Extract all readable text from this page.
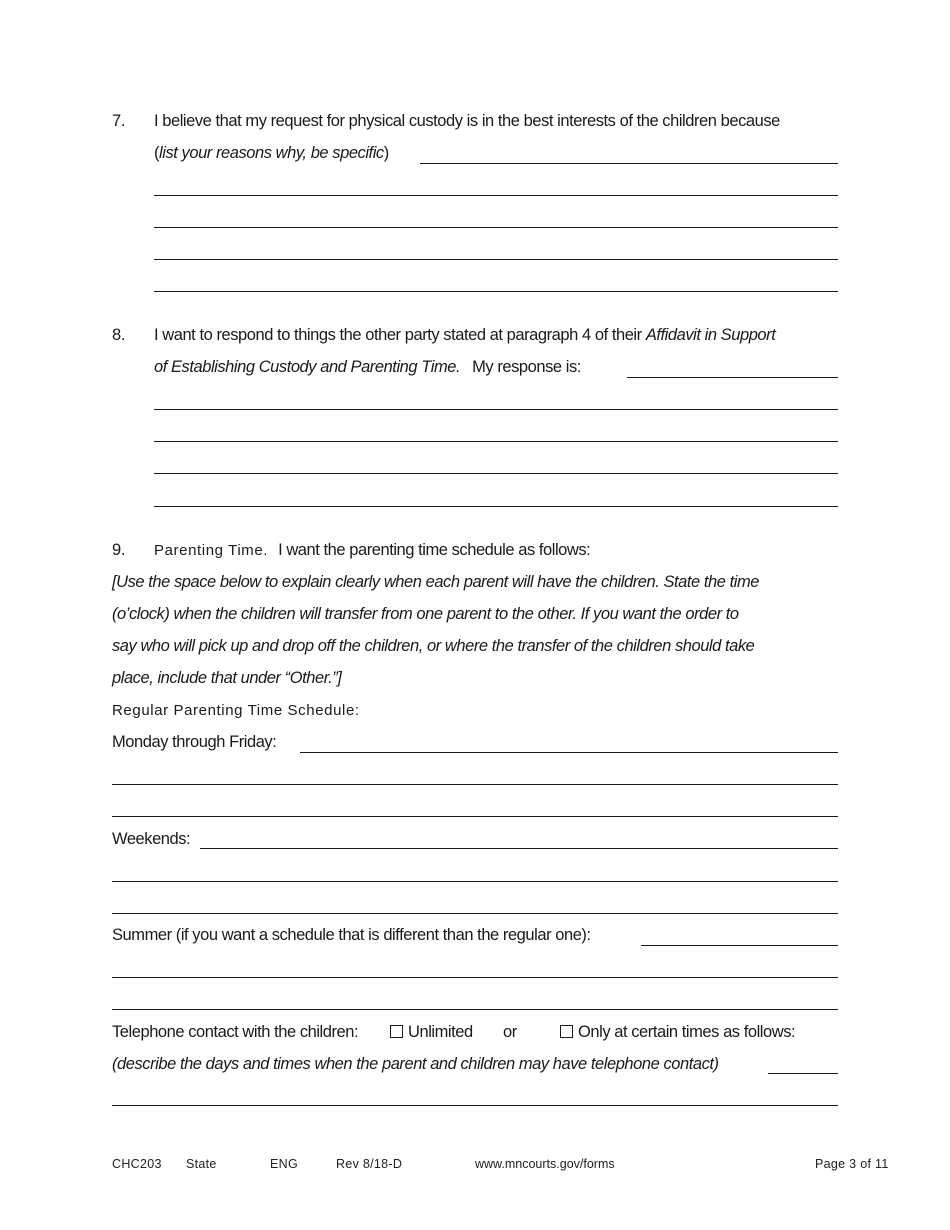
7. I believe that my request for physical custody is in the best interests of the children because
(list your reasons why, be specific)
8. I want to respond to things the other party stated at paragraph 4 of their Affidavit in Support
of Establishing Custody and Parenting Time. My response is:
9. Parenting Time. I want the parenting time schedule as follows:
[Use the space below to explain clearly when each parent will have the children. State the time
(o’clock) when the children will transfer from one parent to the other. If you want the order to
say who will pick up and drop off the children, or where the transfer of the children should take
place, include that under “Other.”]
Regular Parenting Time Schedule:
Monday through Friday:
Weekends:
Summer (if you want a schedule that is different than the regular one):
Telephone contact with the children:	Unlimited or	Only at certain times as follows:
(describe the days and times when the parent and children may have telephone contact)
CHC203 State	ENG	Rev 8/18-D	www.mncourts.gov/forms	Page 3 of 11
